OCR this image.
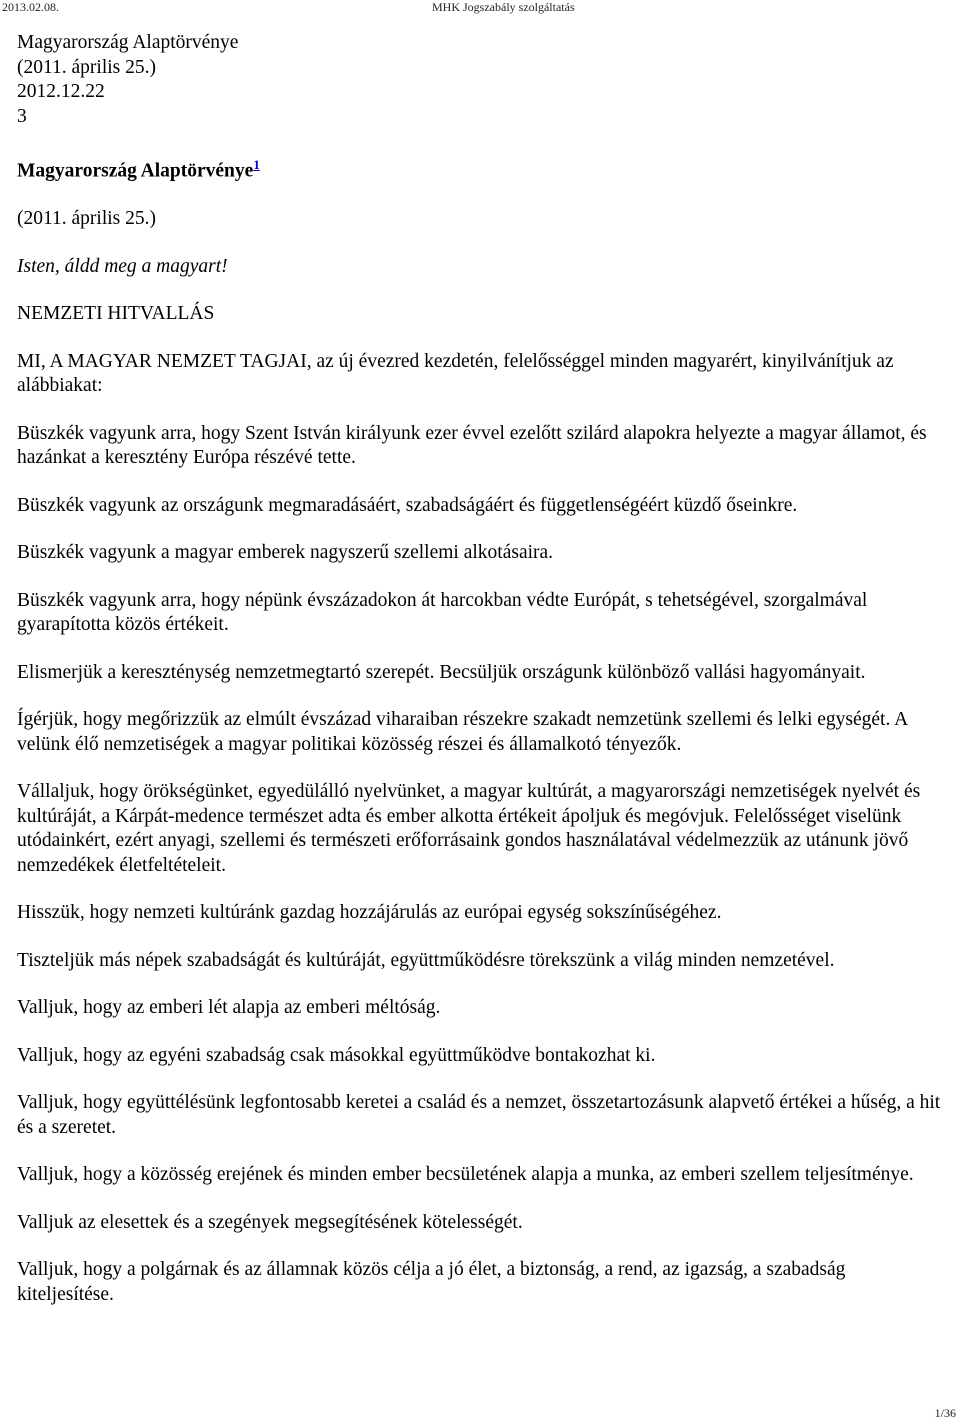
2013.02.08.	MHK Jogszabály szolgáltatás
Magyarország Alaptörvénye
(2011. április 25.)
2012.12.22
3
Magyarország Alaptörvénye$^1$

(2011. április 25.)

Isten, áldd meg a magyart!

NEMZETI HITVALLÁS

MI, A MAGYAR NEMZET TAGJAI, az új évezred kezdetén, felelősséggel minden magyarért, kinyilvánítjuk az alábbiakat:

Büszkék vagyunk arra, hogy Szent István királyunk ezer évvel ezelőtt szilárd alapokra helyezte a magyar államot, és hazánkat a keresztény Európa részévé tette.

Büszkék vagyunk az országunk megmaradásáért, szabadságáért és függetlenségéért küzdő őseinkre.

Büszkék vagyunk a magyar emberek nagyszerű szellemi alkotásaira.

Büszkék vagyunk arra, hogy népünk évszázadokon át harcokban védte Európát, s tehetségével, szorgalmával gyarapította közös értékeit.

Elismerjük a kereszténység nemzetmegtartó szerepét. Becsüljük országunk különböző vallási hagyományait.

Ígérjük, hogy megőrizzük az elmúlt évszázad viharaiban részekre szakadt nemzetünk szellemi és lelki egységét. A velünk élő nemzetiségek a magyar politikai közösség részei és államalkotó tényezők.

Vállaljuk, hogy örökségünket, egyedülálló nyelvünket, a magyar kultúrát, a magyarországi nemzetiségek nyelvét és kultúráját, a Kárpát-medence természet adta és ember alkotta értékeit ápoljuk és megóvjuk. Felelősséget viselünk utódainkért, ezért anyagi, szellemi és természeti erőforrásaink gondos használatával védelmezzük az utánunk jövő nemzedékek életfeltételeit.

Hisszük, hogy nemzeti kultúránk gazdag hozzájárulás az európai egység sokszínűségéhez.

Tiszteljük más népek szabadságát és kultúráját, együttműködésre törekszünk a világ minden nemzetével.

Valljuk, hogy az emberi lét alapja az emberi méltóság.

Valljuk, hogy az egyéni szabadság csak másokkal együttműködve bontakozhat ki.

Valljuk, hogy együttélésünk legfontosabb keretei a család és a nemzet, összetartozásunk alapvető értékei a hűség, a hit és a szeretet.

Valljuk, hogy a közösség erejének és minden ember becsületének alapja a munka, az emberi szellem teljesítménye.

Valljuk az elesettek és a szegények megsegítésének kötelességét.

Valljuk, hogy a polgárnak és az államnak közös célja a jó élet, a biztonság, a rend, az igazság, a szabadság kiteljesítése.

1/36
